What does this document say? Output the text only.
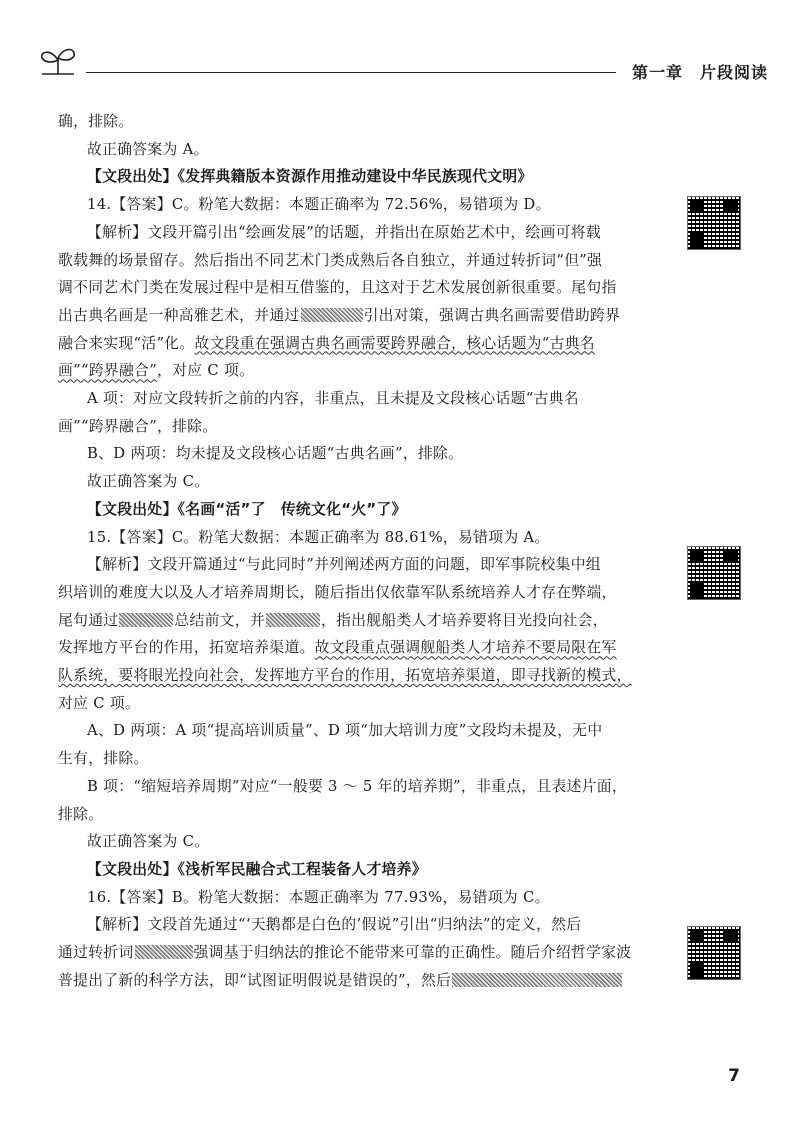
第一章　片段阅读

确，排除。

故正确答案为 A。

【文段出处】《发挥典籍版本资源作用推动建设中华民族现代文明》

14.【答案】C。粉笔大数据：本题正确率为 72.56%，易错项为 D。

【解析】文段开篇引出“绘画发展”的话题，并指出在原始艺术中，绘画可将载

歌载舞的场景留存。然后指出不同艺术门类成熟后各自独立，并通过转折词“但”强

调不同艺术门类在发展过程中是相互借鉴的，且这对于艺术发展创新很重要。尾句指

出古典名画是一种高雅艺术，并通过	引出对策，强调古典名画需要借助跨界

融合来实现“活”化。故文段重在强调古典名画需要跨界融合，核心话题为“古典名

画”“跨界融合”，对应 C 项。

A 项：对应文段转折之前的内容，非重点，且未提及文段核心话题“古典名

画”“跨界融合”，排除。

B、D 两项：均未提及文段核心话题“古典名画”，排除。

故正确答案为 C。

【文段出处】《名画“活”了　传统文化“火”了》

15.【答案】C。粉笔大数据：本题正确率为 88.61%，易错项为 A。

【解析】文段开篇通过“与此同时”并列阐述两方面的问题，即军事院校集中组

织培训的难度大以及人才培养周期长，随后指出仅依靠军队系统培养人才存在弊端，

尾句通过	总结前文，并	，指出舰船类人才培养要将目光投向社会，

发挥地方平台的作用，拓宽培养渠道。故文段重点强调舰船类人才培养不要局限在军

队系统，要将眼光投向社会，发挥地方平台的作用，拓宽培养渠道，即寻找新的模式，

对应 C 项。

A、D 两项：A 项“提高培训质量”、D 项“加大培训力度”文段均未提及，无中

生有，排除。

B 项：“缩短培养周期”对应“一般要 3 ～ 5 年的培养期”，非重点，且表述片面，

排除。

故正确答案为 C。

【文段出处】《浅析军民融合式工程装备人才培养》

16.【答案】B。粉笔大数据：本题正确率为 77.93%，易错项为 C。

【解析】文段首先通过“‘天鹅都是白色的’假说”引出“归纳法”的定义，然后

通过转折词	强调基于归纳法的推论不能带来可靠的正确性。随后介绍哲学家波

普提出了新的科学方法，即“试图证明假说是错误的”，然后

7
